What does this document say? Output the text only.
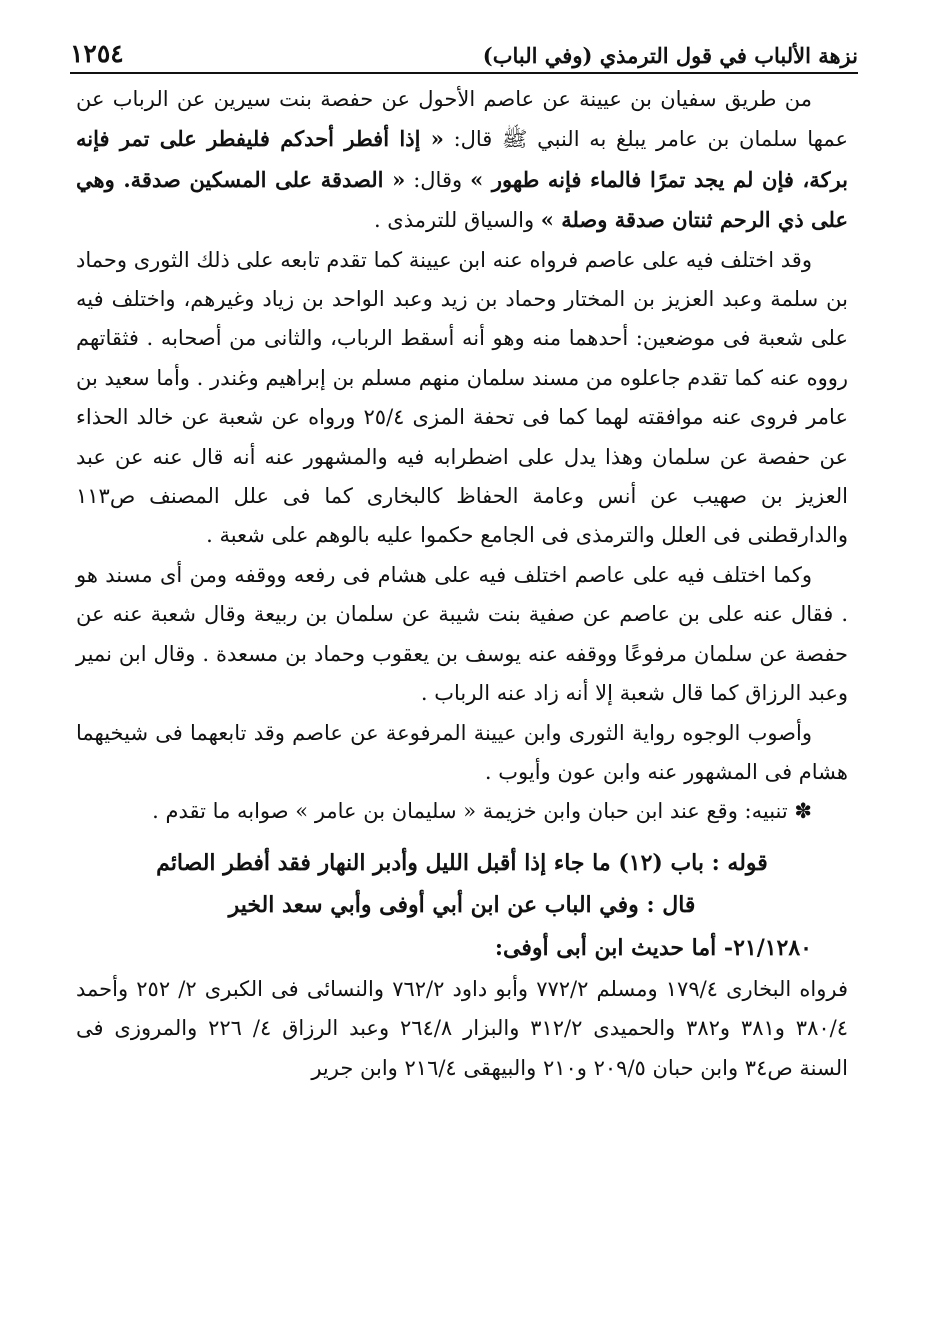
نزهة الألباب في قول الترمذي (وفي الباب)
١٢٥٤

من طريق سفيان بن عيينة عن عاصم الأحول عن حفصة بنت سيرين عن الرباب عن عمها سلمان بن عامر يبلغ به النبي ﷺ قال: « إذا أفطر أحدكم فليفطر على تمر فإنه بركة، فإن لم يجد تمرًا فالماء فإنه طهور » وقال: « الصدقة على المسكين صدقة. وهي على ذي الرحم ثنتان صدقة وصلة » والسياق للترمذى .

وقد اختلف فيه على عاصم فرواه عنه ابن عيينة كما تقدم تابعه على ذلك الثورى وحماد بن سلمة وعبد العزيز بن المختار وحماد بن زيد وعبد الواحد بن زياد وغيرهم، واختلف فيه على شعبة فى موضعين: أحدهما منه وهو أنه أسقط الرباب، والثانى من أصحابه . فثقاتهم رووه عنه كما تقدم جاعلوه من مسند سلمان منهم مسلم بن إبراهيم وغندر . وأما سعيد بن عامر فروى عنه موافقته لهما كما فى تحفة المزى ٢٥/٤ ورواه عن شعبة عن خالد الحذاء عن حفصة عن سلمان وهذا يدل على اضطرابه فيه والمشهور عنه أنه قال عنه عن عبد العزيز بن صهيب عن أنس وعامة الحفاظ كالبخارى كما فى علل المصنف ص١١٣ والدارقطنى فى العلل والترمذى فى الجامع حكموا عليه بالوهم على شعبة .

وكما اختلف فيه على عاصم اختلف فيه على هشام فى رفعه ووقفه ومن أى مسند هو . فقال عنه على بن عاصم عن صفية بنت شيبة عن سلمان بن ربيعة وقال شعبة عنه عن حفصة عن سلمان مرفوعًا ووقفه عنه يوسف بن يعقوب وحماد بن مسعدة . وقال ابن نمير وعبد الرزاق كما قال شعبة إلا أنه زاد عنه الرباب .

وأصوب الوجوه رواية الثورى وابن عيينة المرفوعة عن عاصم وقد تابعهما فى شيخيهما هشام فى المشهور عنه وابن عون وأيوب .

✽ تنبيه: وقع عند ابن حبان وابن خزيمة « سليمان بن عامر » صوابه ما تقدم .

قوله : باب (١٢) ما جاء إذا أقبل الليل وأدبر النهار فقد أفطر الصائم

قال : وفي الباب عن ابن أبي أوفى وأبي سعد الخير

٢١/١٢٨٠- أما حديث ابن أبى أوفى:

فرواه البخارى ١٧٩/٤ ومسلم ٧٧٢/٢ وأبو داود ٧٦٢/٢ والنسائى فى الكبرى ٢/ ٢٥٢ وأحمد ٣٨٠/٤ و٣٨١ و٣٨٢ والحميدى ٣١٢/٢ والبزار ٢٦٤/٨ وعبد الرزاق ٤/ ٢٢٦ والمروزى فى السنة ص٣٤ وابن حبان ٢٠٩/٥ و٢١٠ والبيهقى ٢١٦/٤ وابن جرير
